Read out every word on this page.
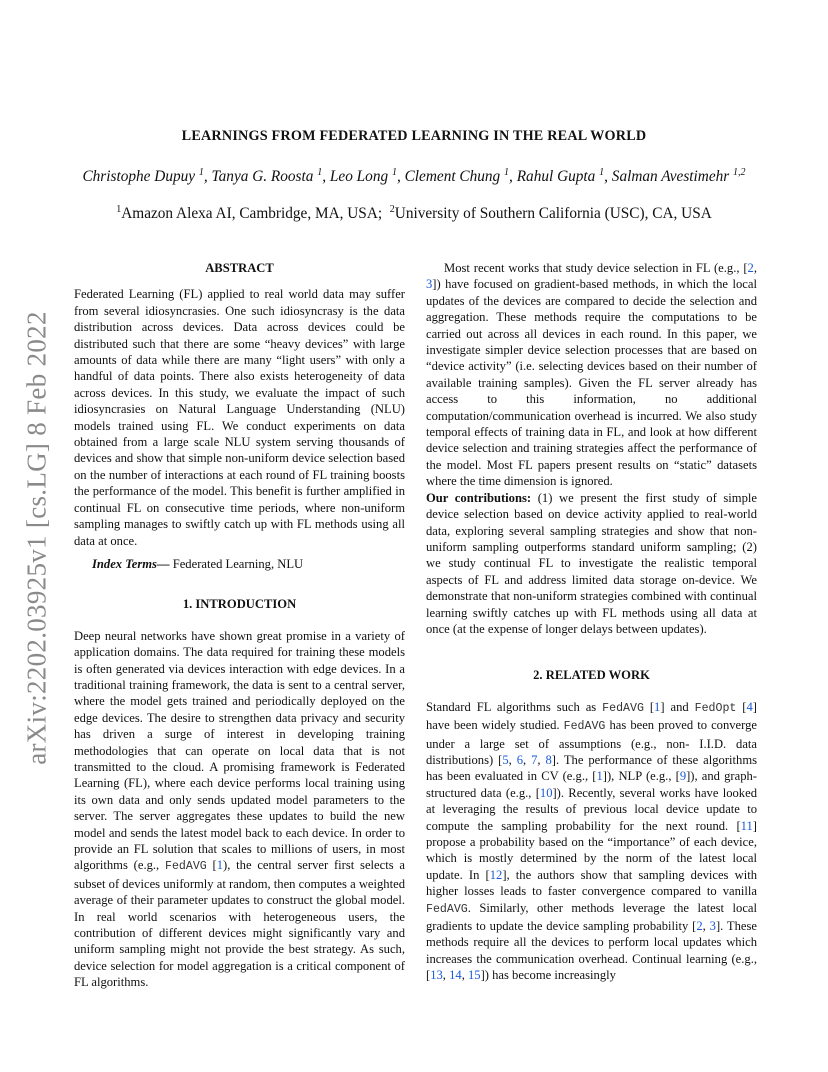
arXiv:2202.03925v1 [cs.LG] 8 Feb 2022
LEARNINGS FROM FEDERATED LEARNING IN THE REAL WORLD
Christophe Dupuy $^1$, Tanya G. Roosta $^1$, Leo Long $^1$, Clement Chung $^1$, Rahul Gupta $^1$, Salman Avestimehr $^{1,2}$
$^1$Amazon Alexa AI, Cambridge, MA, USA; $^2$University of Southern California (USC), CA, USA
ABSTRACT

Federated Learning (FL) applied to real world data may suffer from several idiosyncrasies. One such idiosyncrasy is the data distribution across devices. Data across devices could be distributed such that there are some “heavy devices” with large amounts of data while there are many “light users” with only a handful of data points. There also exists heterogeneity of data across devices. In this study, we evaluate the impact of such idiosyncrasies on Natural Language Understanding (NLU) models trained using FL. We conduct experiments on data obtained from a large scale NLU system serving thousands of devices and show that simple non-uniform device selection based on the number of interactions at each round of FL training boosts the performance of the model. This benefit is further amplified in continual FL on consecutive time periods, where non-uniform sampling manages to swiftly catch up with FL methods using all data at once.

Index Terms— Federated Learning, NLU

1. INTRODUCTION

Deep neural networks have shown great promise in a variety of application domains. The data required for training these models is often generated via devices interaction with edge devices. In a traditional training framework, the data is sent to a central server, where the model gets trained and periodically deployed on the edge devices. The desire to strengthen data privacy and security has driven a surge of interest in developing training methodologies that can operate on local data that is not transmitted to the cloud. A promising framework is Federated Learning (FL), where each device performs local training using its own data and only sends updated model parameters to the server. The server aggregates these updates to build the new model and sends the latest model back to each device. In order to provide an FL solution that scales to millions of users, in most algorithms (e.g., FedAVG [1), the central server first selects a subset of devices uniformly at random, then computes a weighted average of their parameter updates to construct the global model. In real world scenarios with heterogeneous users, the contribution of different devices might significantly vary and uniform sampling might not provide the best strategy. As such, device selection for model aggregation is a critical component of FL algorithms.

Most recent works that study device selection in FL (e.g., [2, 3]) have focused on gradient-based methods, in which the local updates of the devices are compared to decide the selection and aggregation. These methods require the computations to be carried out across all devices in each round. In this paper, we investigate simpler device selection processes that are based on “device activity” (i.e. selecting devices based on their number of available training samples). Given the FL server already has access to this information, no additional computation/communication overhead is incurred. We also study temporal effects of training data in FL, and look at how different device selection and training strategies affect the performance of the model. Most FL papers present results on “static” datasets where the time dimension is ignored.

Our contributions: (1) we present the first study of simple device selection based on device activity applied to real-world data, exploring several sampling strategies and show that non-uniform sampling outperforms standard uniform sampling; (2) we study continual FL to investigate the realistic temporal aspects of FL and address limited data storage on-device. We demonstrate that non-uniform strategies combined with continual learning swiftly catches up with FL methods using all data at once (at the expense of longer delays between updates).

2. RELATED WORK

Standard FL algorithms such as FedAVG [1] and FedOpt [4] have been widely studied. FedAVG has been proved to converge under a large set of assumptions (e.g., non- I.I.D. data distributions) [5, 6, 7, 8]. The performance of these algorithms has been evaluated in CV (e.g., [1]), NLP (e.g., [9]), and graph-structured data (e.g., [10]). Recently, several works have looked at leveraging the results of previous local device update to compute the sampling probability for the next round. [11] propose a probability based on the “importance” of each device, which is mostly determined by the norm of the latest local update. In [12], the authors show that sampling devices with higher losses leads to faster convergence compared to vanilla FedAVG. Similarly, other methods leverage the latest local gradients to update the device sampling probability [2, 3]. These methods require all the devices to perform local updates which increases the communication overhead. Continual learning (e.g., [13, 14, 15]) has become increasingly
